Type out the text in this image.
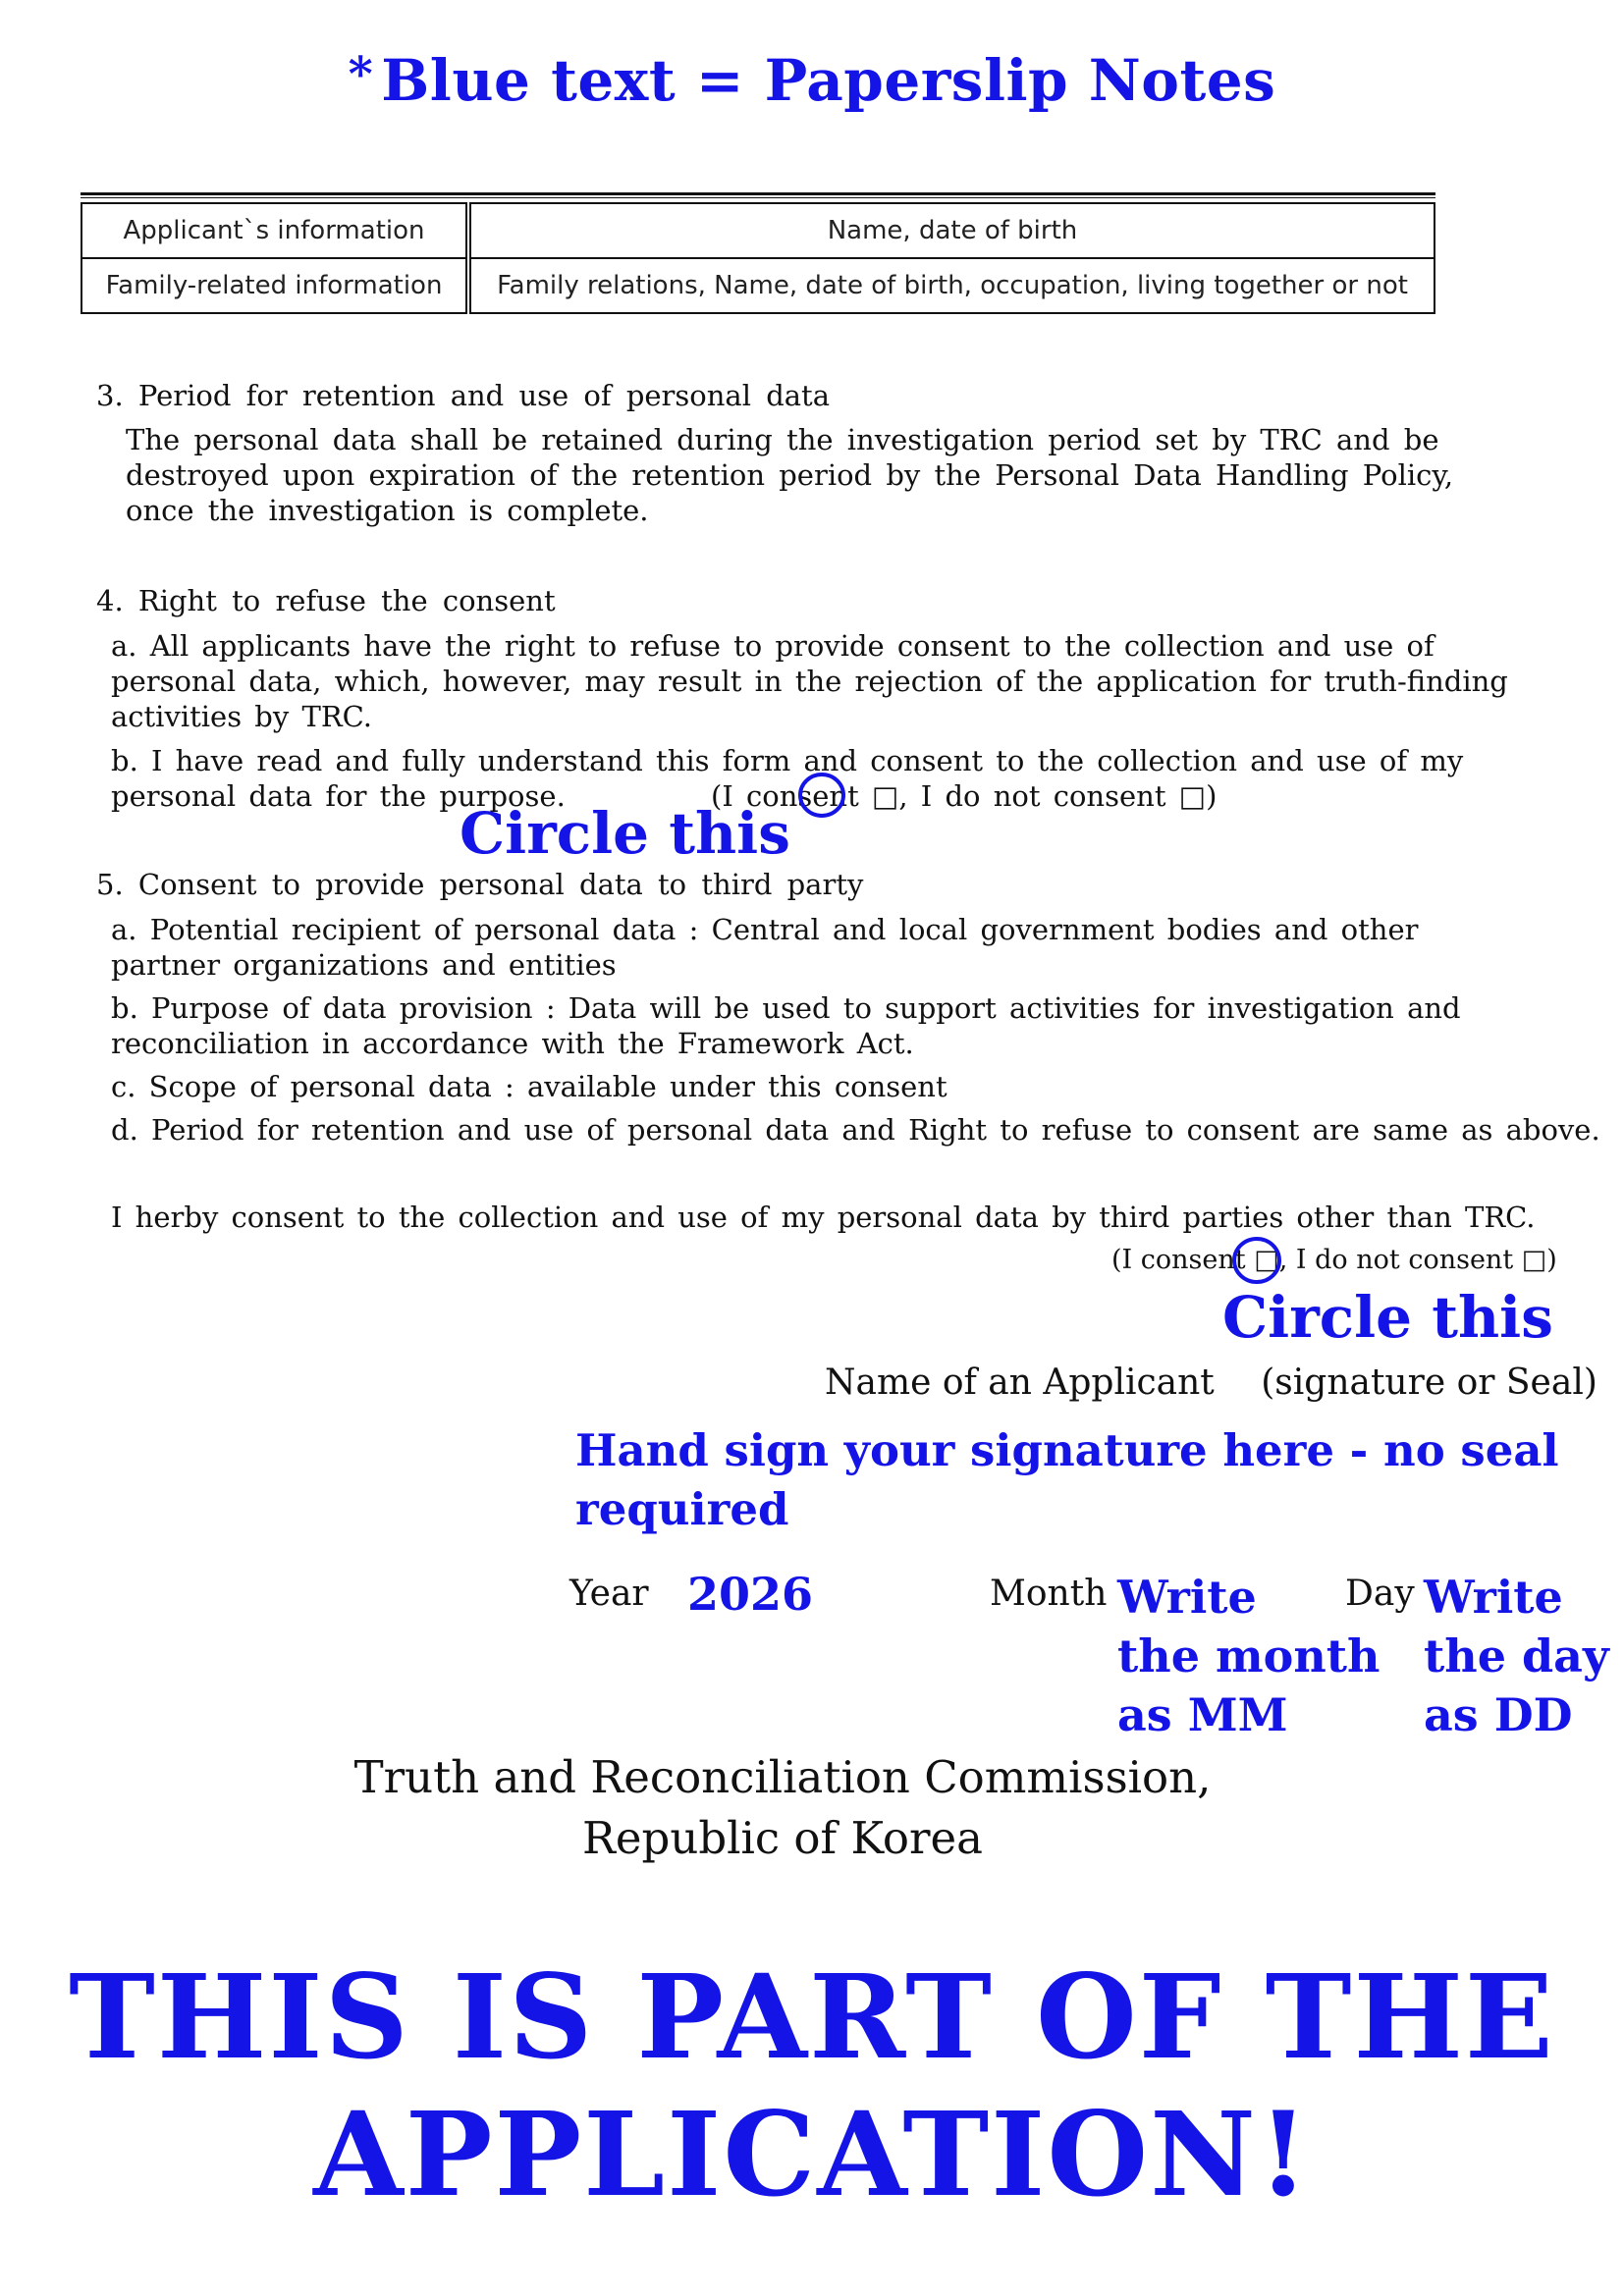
* Blue text = Paperslip Notes
Applicant`s information	Name, date of birth
Family-related information	Family relations, Name, date of birth, occupation, living together or not
3. Period for retention and use of personal data
The personal data shall be retained during the investigation period set by TRC and be destroyed upon expiration of the retention period by the Personal Data Handling Policy, once the investigation is complete.
4. Right to refuse the consent
a. All applicants have the right to refuse to provide consent to the collection and use of personal data, which, however, may result in the rejection of the application for truth-finding activities by TRC.
b. I have read and fully understand this form and consent to the collection and use of my personal data for the purpose.	(I consent □, I do not consent □)
Circle this
5. Consent to provide personal data to third party
a. Potential recipient of personal data : Central and local government bodies and other partner organizations and entities
b. Purpose of data provision : Data will be used to support activities for investigation and reconciliation in accordance with the Framework Act.
c. Scope of personal data : available under this consent
d. Period for retention and use of personal data and Right to refuse to consent are same as above.
I herby consent to the collection and use of my personal data by third parties other than TRC.
(I consent □, I do not consent □)
Circle this
Name of an Applicant (signature or Seal)
Hand sign your signature here - no seal required
Year 2026	Month Write
the month
as MM
Day Write
the day
as DD
Truth and Reconciliation Commission,
Republic of Korea
THIS IS PART OF THE
APPLICATION!
